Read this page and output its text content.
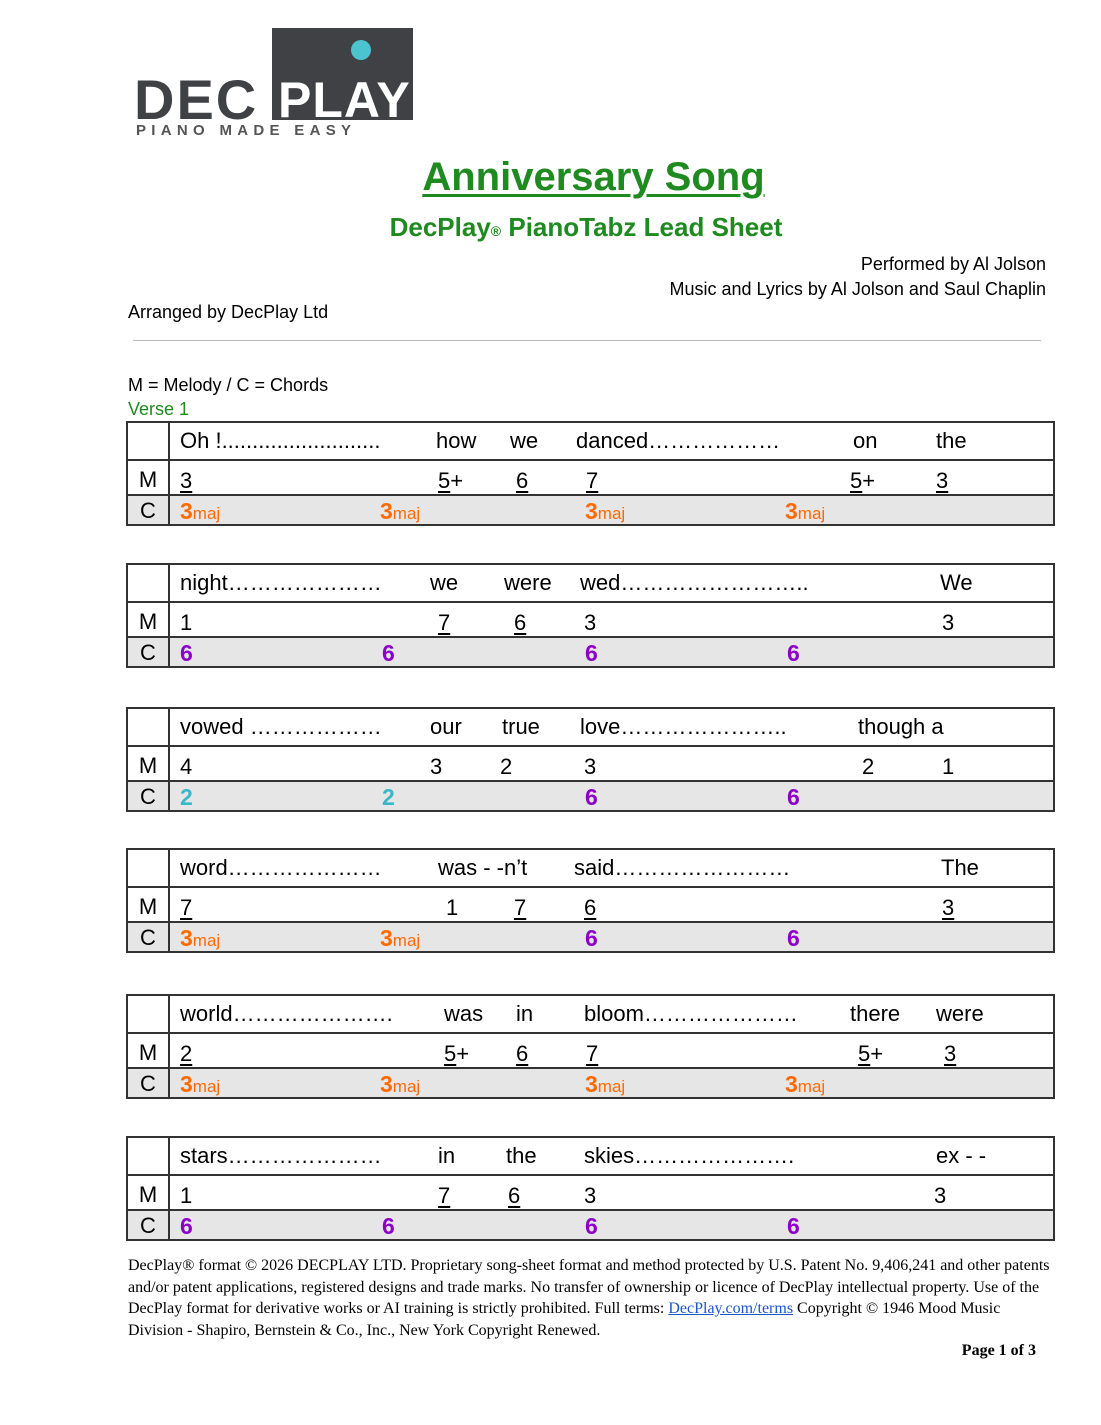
DEC PLAY
PIANO MADE EASY
Anniversary Song
DecPlay® PianoTabz Lead Sheet
Performed by Al Jolson
Music and Lyrics by Al Jolson and Saul Chaplin
Arranged by DecPlay Ltd
M = Melody / C = Chords
Verse 1
Oh !..........................	how we danced………………	on	the
M	3	5+ 6	7	5+	3
C	3maj	3maj	3maj	3maj
night………………… we were wed……………………..	We
M	1	7	6	3	3
C	6	6	6	6
vowed ……………… our true love…………………..	though a
M	4	3	2	3	2	1
C	2	2	6	6
word…………………	was - -n’t said……………………	The
M	7	1	7	6	3
C	3maj	3maj	6	6
world…………………. was in bloom………………… there were
M	2	5+ 6	7	5+	3
C	3maj	3maj	3maj	3maj
stars…………………	in the skies………………….	ex - -
M	1	7	6	3	3
C	6	6	6	6
DecPlay® format © 2026 DECPLAY LTD. Proprietary song-sheet format and method protected by U.S. Patent No. 9,406,241 and other patents and/or patent applications, registered designs and trade marks. No transfer of ownership or licence of DecPlay intellectual property. Use of the DecPlay format for derivative works or AI training is strictly prohibited. Full terms: DecPlay.com/terms Copyright © 1946 Mood Music Division - Shapiro, Bernstein & Co., Inc., New York Copyright Renewed.
Page 1 of 3
